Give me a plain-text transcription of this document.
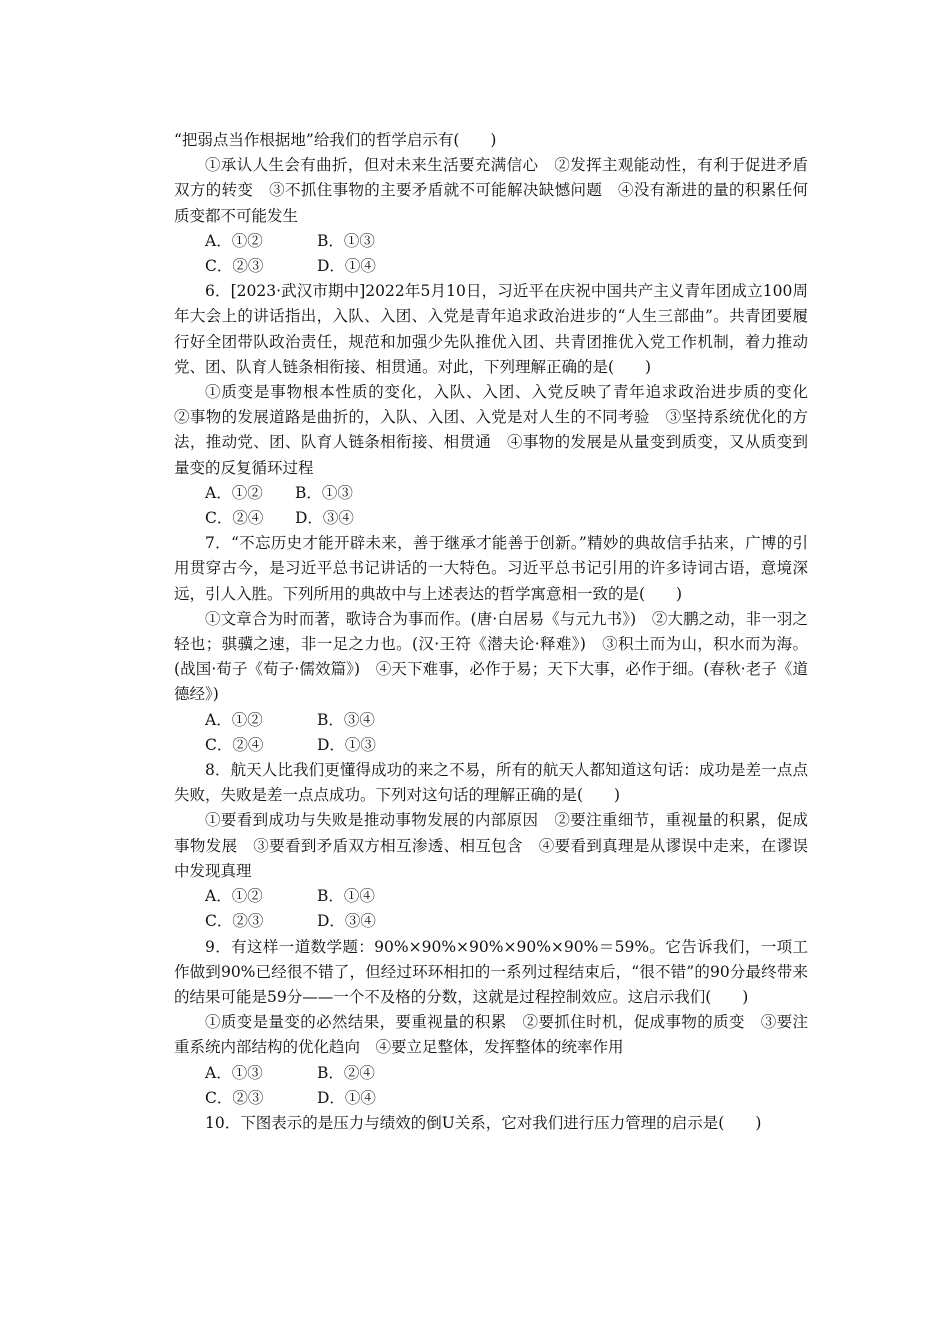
“把弱点当作根据地”给我们的哲学启示有(　　)

①承认人生会有曲折，但对未来生活要充满信心　②发挥主观能动性，有利于促进矛盾双方的转变　③不抓住事物的主要矛盾就不可能解决缺憾问题　④没有渐进的量的积累任何质变都不可能发生

A．①②	B．①③
C．②③	D．①④

6．[2023·武汉市期中]2022年5月10日，习近平在庆祝中国共产主义青年团成立100周年大会上的讲话指出，入队、入团、入党是青年追求政治进步的“人生三部曲”。共青团要履行好全团带队政治责任，规范和加强少先队推优入团、共青团推优入党工作机制，着力推动党、团、队育人链条相衔接、相贯通。对此，下列理解正确的是(　　)

①质变是事物根本性质的变化，入队、入团、入党反映了青年追求政治进步质的变化　②事物的发展道路是曲折的，入队、入团、入党是对人生的不同考验　③坚持系统优化的方法，推动党、团、队育人链条相衔接、相贯通　④事物的发展是从量变到质变，又从质变到量变的反复循环过程

A．①②	B．①③
C．②④	D．③④

7．“不忘历史才能开辟未来，善于继承才能善于创新。”精妙的典故信手拈来，广博的引用贯穿古今，是习近平总书记讲话的一大特色。习近平总书记引用的许多诗词古语，意境深远，引人入胜。下列所用的典故中与上述表达的哲学寓意相一致的是(　　)

①文章合为时而著，歌诗合为事而作。(唐·白居易《与元九书》)　②大鹏之动，非一羽之轻也；骐骥之速，非一足之力也。(汉·王符《潜夫论·释难》)　③积土而为山，积水而为海。(战国·荀子《荀子·儒效篇》)　④天下难事，必作于易；天下大事，必作于细。(春秋·老子《道德经》)

A．①②	B．③④
C．②④	D．①③

8．航天人比我们更懂得成功的来之不易，所有的航天人都知道这句话：成功是差一点点失败，失败是差一点点成功。下列对这句话的理解正确的是(　　)

①要看到成功与失败是推动事物发展的内部原因　②要注重细节，重视量的积累，促成事物发展　③要看到矛盾双方相互渗透、相互包含　④要看到真理是从谬误中走来，在谬误中发现真理

A．①②	B．①④
C．②③	D．③④

9．有这样一道数学题：90%×90%×90%×90%×90%＝59%。它告诉我们，一项工作做到90%已经很不错了，但经过环环相扣的一系列过程结束后，“很不错”的90分最终带来的结果可能是59分——一个不及格的分数，这就是过程控制效应。这启示我们(　　)

①质变是量变的必然结果，要重视量的积累　②要抓住时机，促成事物的质变　③要注重系统内部结构的优化趋向　④要立足整体，发挥整体的统率作用

A．①③	B．②④
C．②③	D．①④

10．下图表示的是压力与绩效的倒U关系，它对我们进行压力管理的启示是(　　)
